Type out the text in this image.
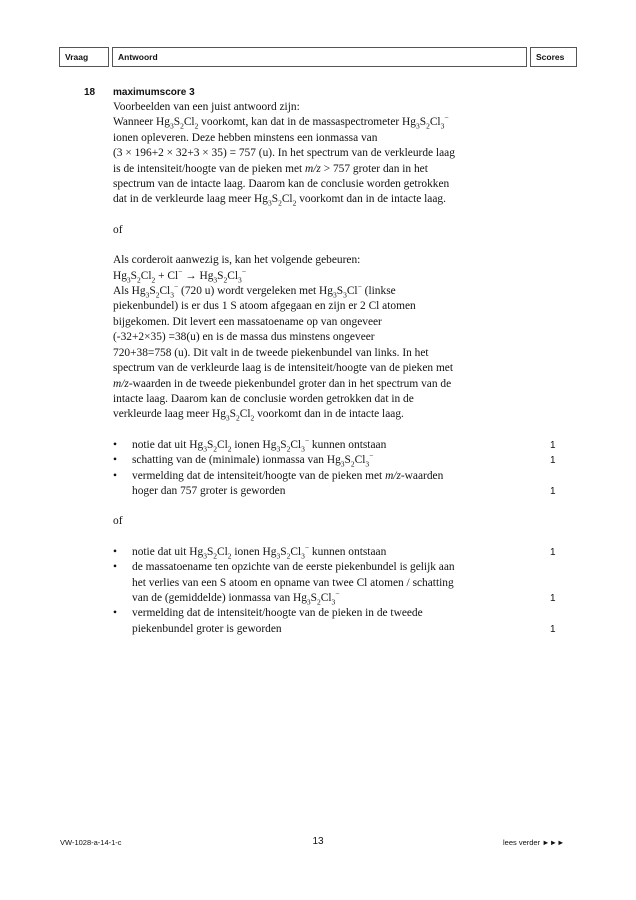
Vraag	Antwoord	Scores
18 maximumscore 3
Voorbeelden van een juist antwoord zijn:
Wanneer $Hg_3S_2Cl_2$ voorkomt, kan dat in de massaspectrometer $Hg_3S_2Cl_3^-$
ionen opleveren. Deze hebben minstens een ionmassa van
(3 × 196+2 × 32+3 × 35) = 757 (u). In het spectrum van de verkleurde laag
is de intensiteit/hoogte van de pieken met m/z > 757 groter dan in het
spectrum van de intacte laag. Daarom kan de conclusie worden getrokken
dat in de verkleurde laag meer $Hg_3S_2Cl_2$ voorkomt dan in de intacte laag.
of
Als corderoit aanwezig is, kan het volgende gebeuren:
$Hg_3S_2Cl_2 + Cl^- \to Hg_3S_2Cl_3^-$
Als $Hg_3S_2Cl_3^-$ (720 u) wordt vergeleken met $Hg_3S_3Cl^-$ (linkse
piekenbundel) is er dus 1 S atoom afgegaan en zijn er 2 Cl atomen
bijgekomen. Dit levert een massatoename op van ongeveer
(-32+2×35) =38(u) en is de massa dus minstens ongeveer
720+38=758 (u). Dit valt in de tweede piekenbundel van links. In het
spectrum van de verkleurde laag is de intensiteit/hoogte van de pieken met
m/z-waarden in de tweede piekenbundel groter dan in het spectrum van de
intacte laag. Daarom kan de conclusie worden getrokken dat in de
verkleurde laag meer $Hg_3S_2Cl_2$ voorkomt dan in de intacte laag.
• notie dat uit $Hg_3S_2Cl_2$ ionen $Hg_3S_2Cl_3^-$ kunnen ontstaan	1
• schatting van de (minimale) ionmassa van $Hg_3S_2Cl_3^-$	1
• vermelding dat de intensiteit/hoogte van de pieken met m/z-waarden
hoger dan 757 groter is geworden	1
of
• notie dat uit $Hg_3S_2Cl_2$ ionen $Hg_3S_2Cl_3^-$ kunnen ontstaan	1
• de massatoename ten opzichte van de eerste piekenbundel is gelijk aan
het verlies van een S atoom en opname van twee Cl atomen / schatting
van de (gemiddelde) ionmassa van $Hg_3S_2Cl_3^-$	1
• vermelding dat de intensiteit/hoogte van de pieken in de tweede
piekenbundel groter is geworden	1
VW-1028-a-14-1-c	13	lees verder ►►►
